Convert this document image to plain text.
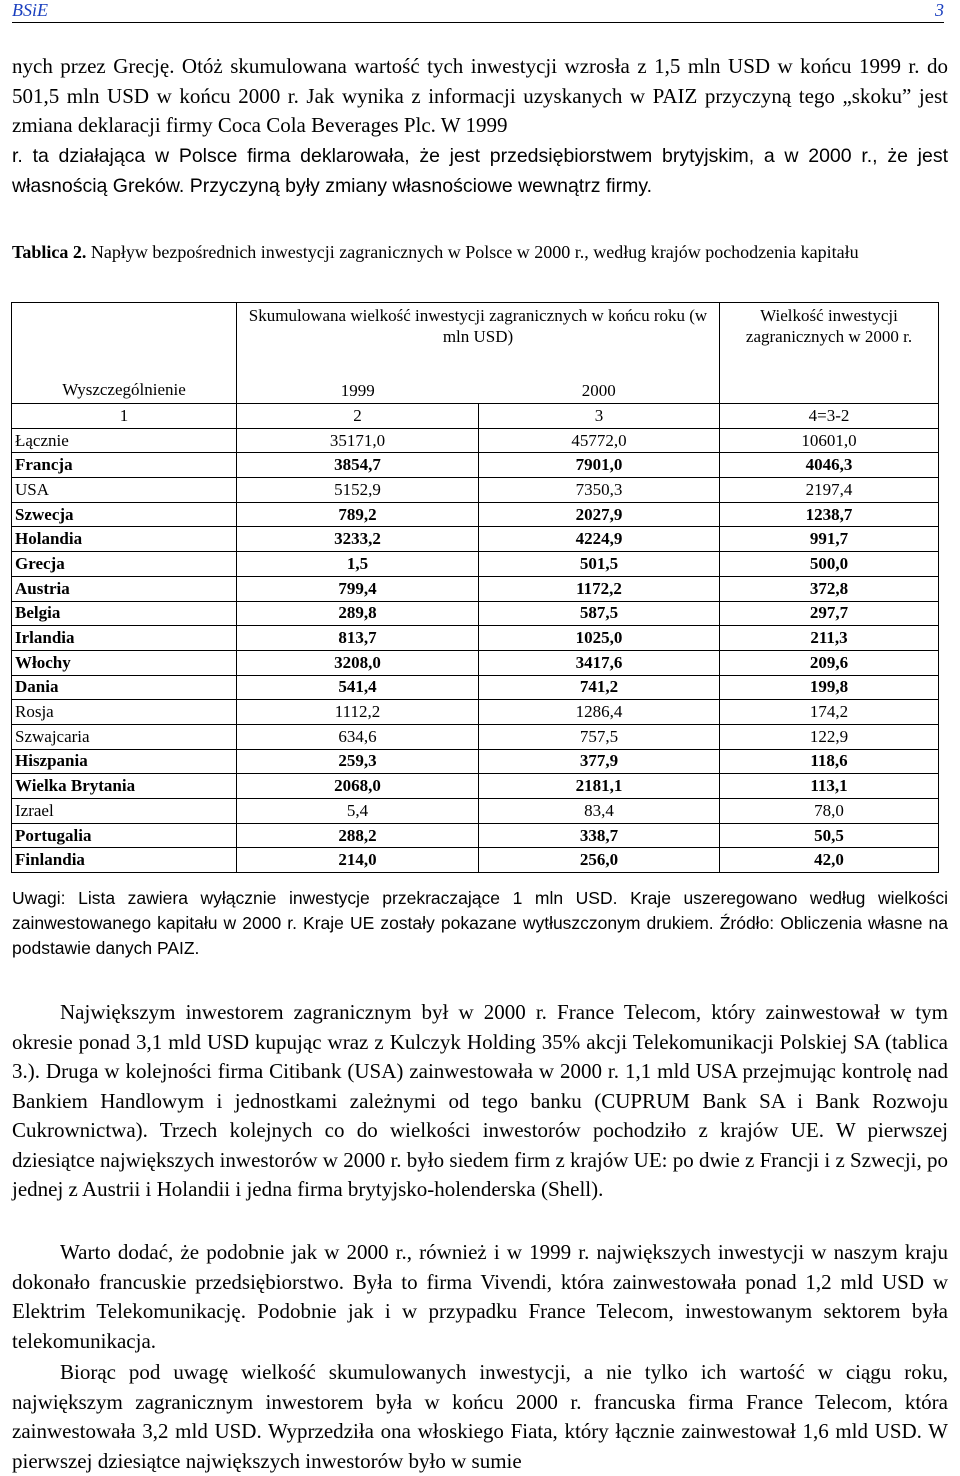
BSiE	3

nych przez Grecję. Otóż skumulowana wartość tych inwestycji wzrosła z 1,5 mln USD w końcu 1999 r. do 501,5 mln USD w końcu 2000 r. Jak wynika z informacji uzyskanych w PAIZ przyczyną tego „skoku” jest zmiana deklaracji firmy Coca Cola Beverages Plc. W 1999

r. ta działająca w Polsce firma deklarowała, że jest przedsiębiorstwem brytyjskim, a w 2000 r., że jest własnością Greków. Przyczyną były zmiany własnościowe wewnątrz firmy.

Tablica 2. Napływ bezpośrednich inwestycji zagranicznych w Polsce w 2000 r., według krajów pochodzenia kapitału

Wyszczególnienie	Skumulowana wielkość inwestycji zagranicznych w końcu roku (w mln USD)		Wielkość inwestycji zagranicznych w 2000 r.
	1999	2000	
1	2	3	4=3-2
Łącznie	35171,0	45772,0	10601,0
Francja	3854,7	7901,0	4046,3
USA	5152,9	7350,3	2197,4
Szwecja	789,2	2027,9	1238,7
Holandia	3233,2	4224,9	991,7
Grecja	1,5	501,5	500,0
Austria	799,4	1172,2	372,8
Belgia	289,8	587,5	297,7
Irlandia	813,7	1025,0	211,3
Włochy	3208,0	3417,6	209,6
Dania	541,4	741,2	199,8
Rosja	1112,2	1286,4	174,2
Szwajcaria	634,6	757,5	122,9
Hiszpania	259,3	377,9	118,6
Wielka Brytania	2068,0	2181,1	113,1
Izrael	5,4	83,4	78,0
Portugalia	288,2	338,7	50,5
Finlandia	214,0	256,0	42,0

Uwagi: Lista zawiera wyłącznie inwestycje przekraczające 1 mln USD. Kraje uszeregowano według wielkości zainwestowanego kapitału w 2000 r. Kraje UE zostały pokazane wytłuszczonym drukiem. Źródło: Obliczenia własne na podstawie danych PAIZ.

Największym inwestorem zagranicznym był w 2000 r. France Telecom, który zainwestował w tym okresie ponad 3,1 mld USD kupując wraz z Kulczyk Holding 35% akcji Telekomunikacji Polskiej SA (tablica 3.). Druga w kolejności firma Citibank (USA) zainwestowała w 2000 r. 1,1 mld USA przejmując kontrolę nad Bankiem Handlowym i jednostkami zależnymi od tego banku (CUPRUM Bank SA i Bank Rozwoju Cukrownictwa). Trzech kolejnych co do wielkości inwestorów pochodziło z krajów UE. W pierwszej dziesiątce największych inwestorów w 2000 r. było siedem firm z krajów UE: po dwie z Francji i z Szwecji, po jednej z Austrii i Holandii i jedna firma brytyjsko-holenderska (Shell).

Warto dodać, że podobnie jak w 2000 r., również i w 1999 r. największych inwestycji w naszym kraju dokonało francuskie przedsiębiorstwo. Była to firma Vivendi, która zainwestowała ponad 1,2 mld USD w Elektrim Telekomunikację. Podobnie jak i w przypadku France Telecom, inwestowanym sektorem była telekomunikacja.

Biorąc pod uwagę wielkość skumulowanych inwestycji, a nie tylko ich wartość w ciągu roku, największym zagranicznym inwestorem była w końcu 2000 r. francuska firma France Telecom, która zainwestowała 3,2 mld USD. Wyprzedziła ona włoskiego Fiata, który łącznie zainwestował 1,6 mld USD. W pierwszej dziesiątce największych inwestorów było w sumie
